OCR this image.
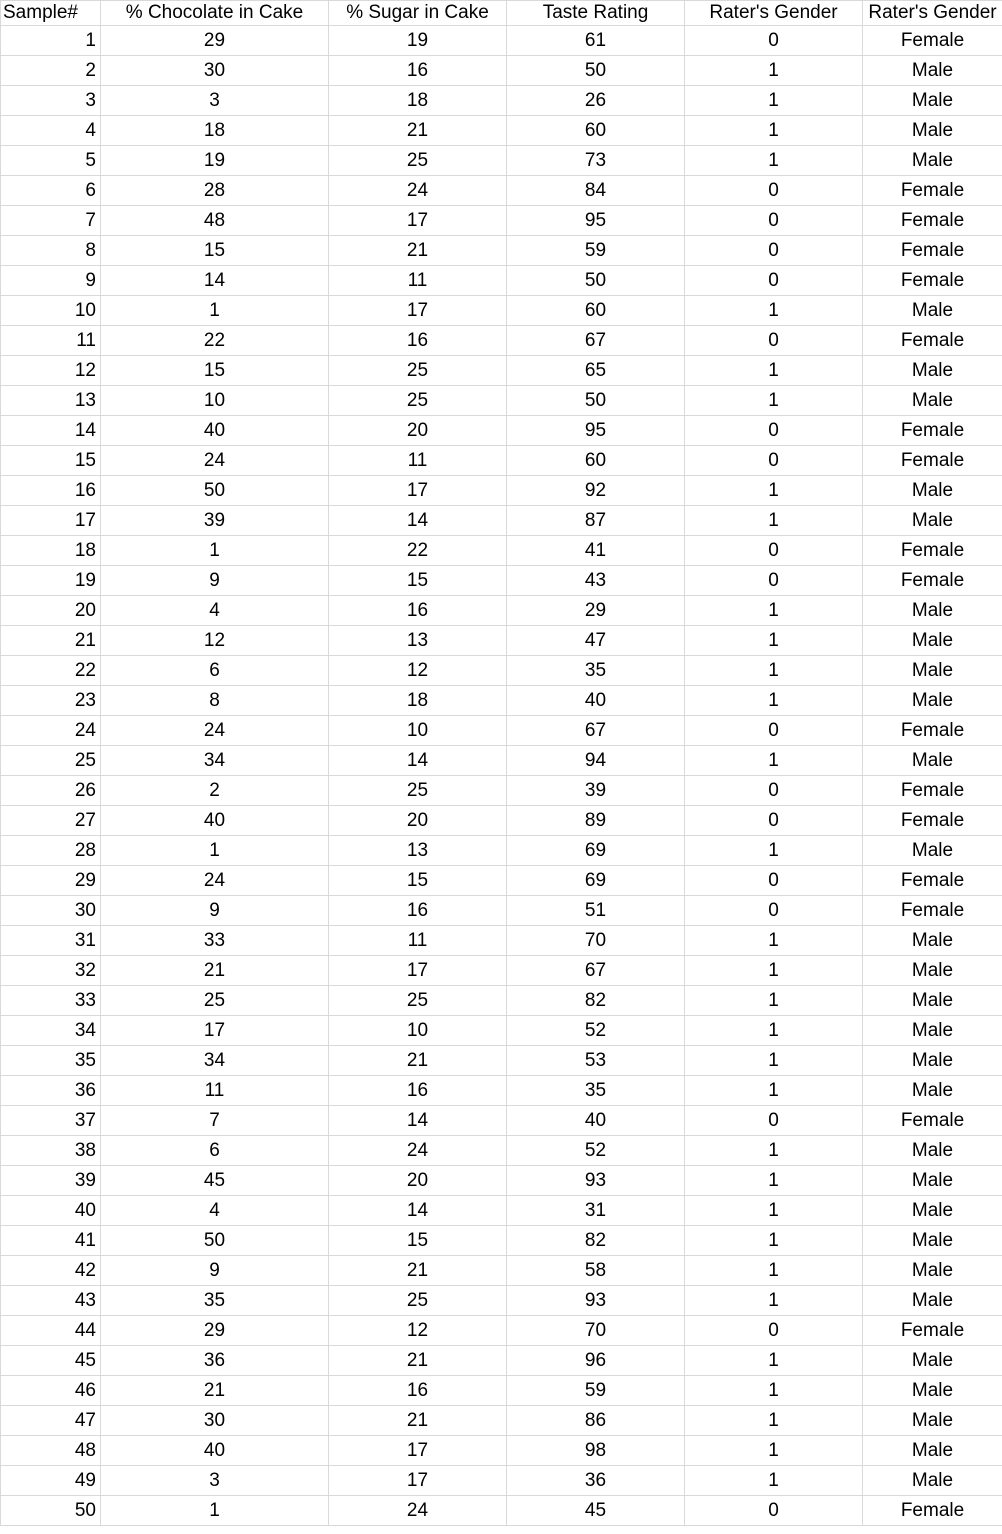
Sample#	% Chocolate in Cake	% Sugar in Cake	Taste Rating	Rater's Gender	Rater's Gender
1	29	19	61	0	Female
2	30	16	50	1	Male
3	3	18	26	1	Male
4	18	21	60	1	Male
5	19	25	73	1	Male
6	28	24	84	0	Female
7	48	17	95	0	Female
8	15	21	59	0	Female
9	14	11	50	0	Female
10	1	17	60	1	Male
11	22	16	67	0	Female
12	15	25	65	1	Male
13	10	25	50	1	Male
14	40	20	95	0	Female
15	24	11	60	0	Female
16	50	17	92	1	Male
17	39	14	87	1	Male
18	1	22	41	0	Female
19	9	15	43	0	Female
20	4	16	29	1	Male
21	12	13	47	1	Male
22	6	12	35	1	Male
23	8	18	40	1	Male
24	24	10	67	0	Female
25	34	14	94	1	Male
26	2	25	39	0	Female
27	40	20	89	0	Female
28	1	13	69	1	Male
29	24	15	69	0	Female
30	9	16	51	0	Female
31	33	11	70	1	Male
32	21	17	67	1	Male
33	25	25	82	1	Male
34	17	10	52	1	Male
35	34	21	53	1	Male
36	11	16	35	1	Male
37	7	14	40	0	Female
38	6	24	52	1	Male
39	45	20	93	1	Male
40	4	14	31	1	Male
41	50	15	82	1	Male
42	9	21	58	1	Male
43	35	25	93	1	Male
44	29	12	70	0	Female
45	36	21	96	1	Male
46	21	16	59	1	Male
47	30	21	86	1	Male
48	40	17	98	1	Male
49	3	17	36	1	Male
50	1	24	45	0	Female
